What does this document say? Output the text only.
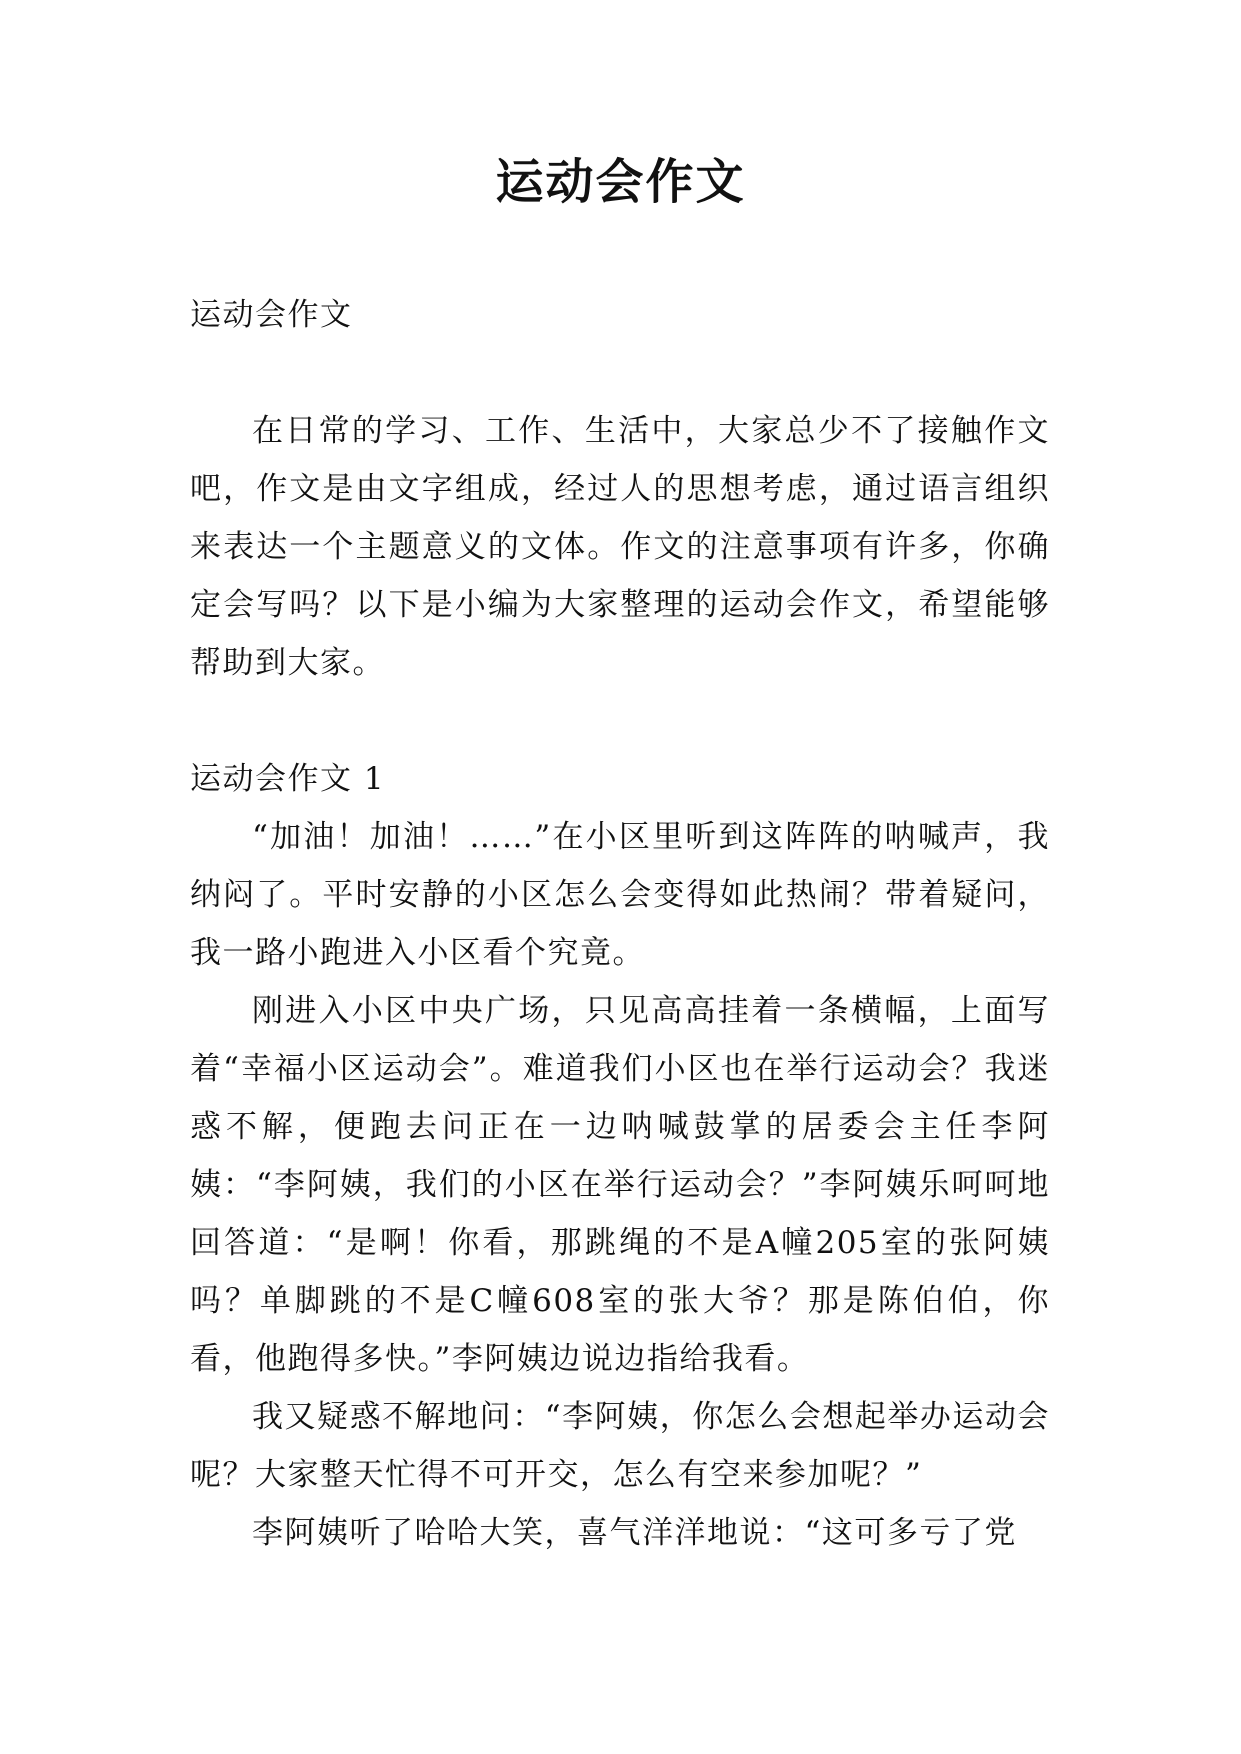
运动会作文

运动会作文

在日常的学习、工作、生活中，大家总少不了接触作文吧，作文是由文字组成，经过人的思想考虑，通过语言组织来表达一个主题意义的文体。作文的注意事项有许多，你确定会写吗？以下是小编为大家整理的运动会作文，希望能够帮助到大家。

运动会作文 1

“加油！加油！……”在小区里听到这阵阵的呐喊声，我纳闷了。平时安静的小区怎么会变得如此热闹？带着疑问，我一路小跑进入小区看个究竟。

刚进入小区中央广场，只见高高挂着一条横幅，上面写着“幸福小区运动会”。难道我们小区也在举行运动会？我迷惑不解，便跑去问正在一边呐喊鼓掌的居委会主任李阿姨：“李阿姨，我们的小区在举行运动会？”李阿姨乐呵呵地回答道：“是啊！你看，那跳绳的不是A幢205室的张阿姨吗？单脚跳的不是C幢608室的张大爷？那是陈伯伯，你看，他跑得多快。”李阿姨边说边指给我看。

我又疑惑不解地问：“李阿姨，你怎么会想起举办运动会呢？大家整天忙得不可开交，怎么有空来参加呢？”

李阿姨听了哈哈大笑，喜气洋洋地说：“这可多亏了党
